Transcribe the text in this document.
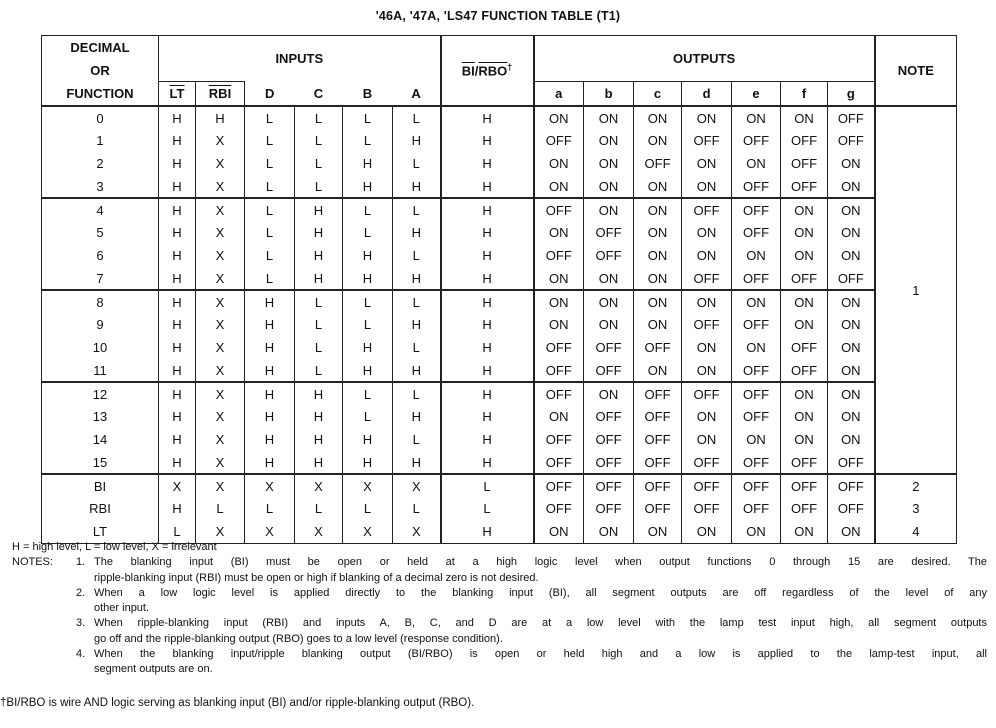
'46A, '47A, 'LS47 FUNCTION TABLE (T1)
DECIMAL
OR
FUNCTION	INPUTS						$\overline{BI}/\overline{RBO}^\dagger$	OUTPUTS							NOTE
	$\overline{LT}$	$\overline{RBI}$	D	C	B	A		a	b	c	d	e	f	g	
0	H	H	L	L	L	L	H	ON	ON	ON	ON	ON	ON	OFF	1
1	H	X	L	L	L	H	H	OFF	ON	ON	OFF	OFF	OFF	OFF	
2	H	X	L	L	H	L	H	ON	ON	OFF	ON	ON	OFF	ON	
3	H	X	L	L	H	H	H	ON	ON	ON	ON	OFF	OFF	ON	
4	H	X	L	H	L	L	H	OFF	ON	ON	OFF	OFF	ON	ON	
5	H	X	L	H	L	H	H	ON	OFF	ON	ON	OFF	ON	ON	
6	H	X	L	H	H	L	H	OFF	OFF	ON	ON	ON	ON	ON	
7	H	X	L	H	H	H	H	ON	ON	ON	OFF	OFF	OFF	OFF	
8	H	X	H	L	L	L	H	ON	ON	ON	ON	ON	ON	ON	
9	H	X	H	L	L	H	H	ON	ON	ON	OFF	OFF	ON	ON	
10	H	X	H	L	H	L	H	OFF	OFF	OFF	ON	ON	OFF	ON	
11	H	X	H	L	H	H	H	OFF	OFF	ON	ON	OFF	OFF	ON	
12	H	X	H	H	L	L	H	OFF	ON	OFF	OFF	OFF	ON	ON	
13	H	X	H	H	L	H	H	ON	OFF	OFF	ON	OFF	ON	ON	
14	H	X	H	H	H	L	H	OFF	OFF	OFF	ON	ON	ON	ON	
15	H	X	H	H	H	H	H	OFF	OFF	OFF	OFF	OFF	OFF	OFF	
BI	X	X	X	X	X	X	L	OFF	OFF	OFF	OFF	OFF	OFF	OFF	2
RBI	H	L	L	L	L	L	L	OFF	OFF	OFF	OFF	OFF	OFF	OFF	3
LT	L	X	X	X	X	X	H	ON	ON	ON	ON	ON	ON	ON	4
H = high level, L = low level, X = irrelevant
NOTES:	1. The blanking input (BI) must be open or held at a high logic level when output functions 0 through 15 are desired. The
ripple-blanking input (RBI) must be open or high if blanking of a decimal zero is not desired.
2. When a low logic level is applied directly to the blanking input (BI), all segment outputs are off regardless of the level of any
other input.
3. When ripple-blanking input (RBI) and inputs A, B, C, and D are at a low level with the lamp test input high, all segment outputs
go off and the ripple-blanking output (RBO) goes to a low level (response condition).
4. When the blanking input/ripple blanking output (BI/RBO) is open or held high and a low is applied to the lamp-test input, all
segment outputs are on.
†BI/RBO is wire AND logic serving as blanking input (BI) and/or ripple-blanking output (RBO).
